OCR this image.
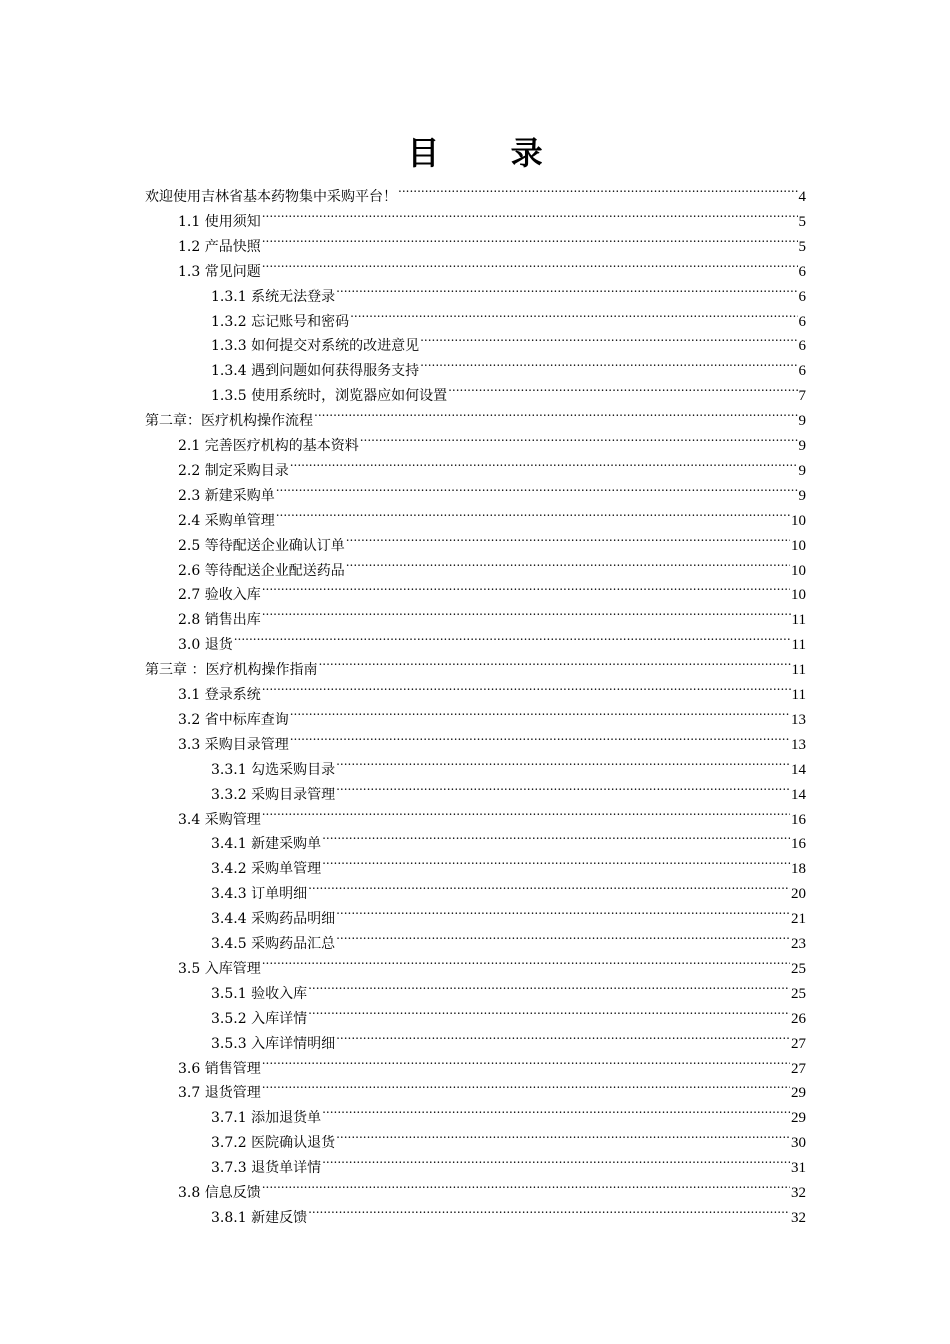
目 录
欢迎使用吉林省基本药物集中采购平台！ .....	4
1.1 使用须知 .....	5
1.2 产品快照 .....	5
1.3 常见问题 .....	6
1.3.1 系统无法登录 .....	6
1.3.2 忘记账号和密码 .....	6
1.3.3 如何提交对系统的改进意见 .....	6
1.3.4 遇到问题如何获得服务支持 .....	6
1.3.5 使用系统时，浏览器应如何设置 .....	7
第二章：医疗机构操作流程 .....	9
2.1 完善医疗机构的基本资料 .....	9
2.2 制定采购目录 .....	9
2.3 新建采购单 .....	9
2.4 采购单管理 .....	10
2.5 等待配送企业确认订单 .....	10
2.6 等待配送企业配送药品 .....	10
2.7 验收入库 .....	10
2.8 销售出库 .....	11
3.0 退货 .....	11
第三章 ：医疗机构操作指南 .....	11
3.1 登录系统 .....	11
3.2 省中标库查询 .....	13
3.3 采购目录管理 .....	13
3.3.1 勾选采购目录 .....	14
3.3.2 采购目录管理 .....	14
3.4 采购管理 .....	16
3.4.1 新建采购单 .....	16
3.4.2 采购单管理 .....	18
3.4.3 订单明细 .....	20
3.4.4 采购药品明细 .....	21
3.4.5 采购药品汇总 .....	23
3.5 入库管理 .....	25
3.5.1 验收入库 .....	25
3.5.2 入库详情 .....	26
3.5.3 入库详情明细 .....	27
3.6 销售管理 .....	27
3.7 退货管理 .....	29
3.7.1 添加退货单 .....	29
3.7.2 医院确认退货 .....	30
3.7.3 退货单详情 .....	31
3.8 信息反馈 .....	32
3.8.1 新建反馈 .....	32
